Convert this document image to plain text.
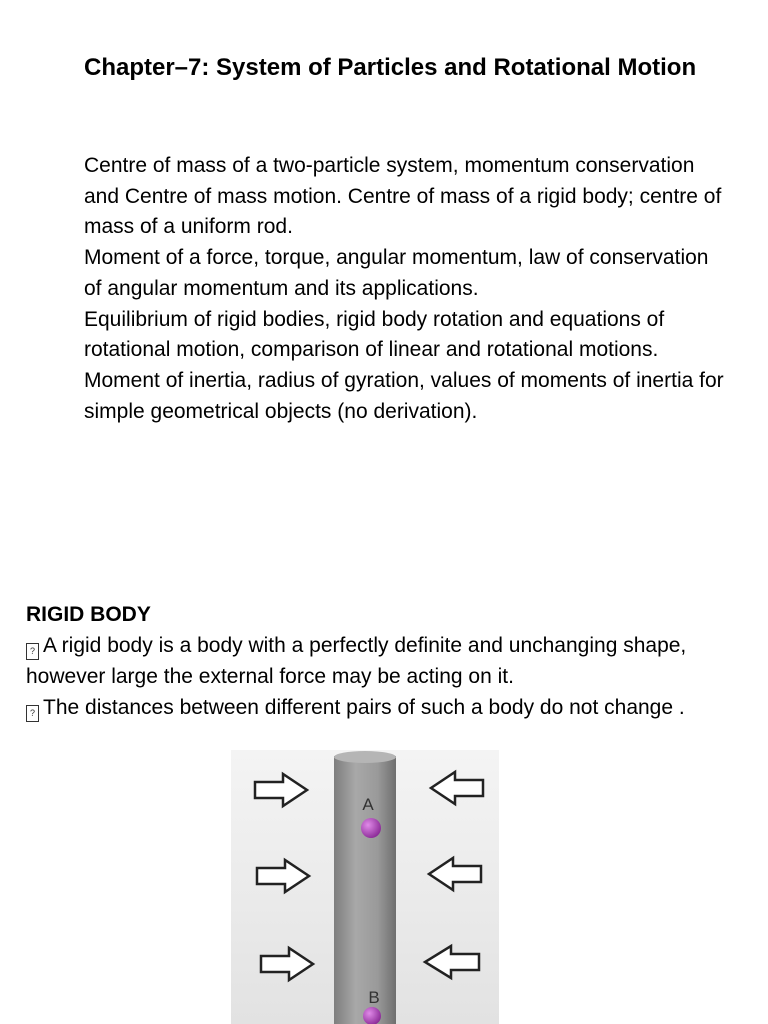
Chapter–7: System of Particles and Rotational Motion

Centre of mass of a two-particle system, momentum conservation and Centre of mass motion. Centre of mass of a rigid body; centre of mass of a uniform rod.

Moment of a force, torque, angular momentum, law of conservation of angular momentum and its applications.

Equilibrium of rigid bodies, rigid body rotation and equations of rotational motion, comparison of linear and rotational motions.

Moment of inertia, radius of gyration, values of moments of inertia for simple geometrical objects (no derivation).

RIGID BODY

? A rigid body is a body with a perfectly definite and unchanging shape, however large the external force may be acting on it.

? The distances between different pairs of such a body do not change .

A
B
